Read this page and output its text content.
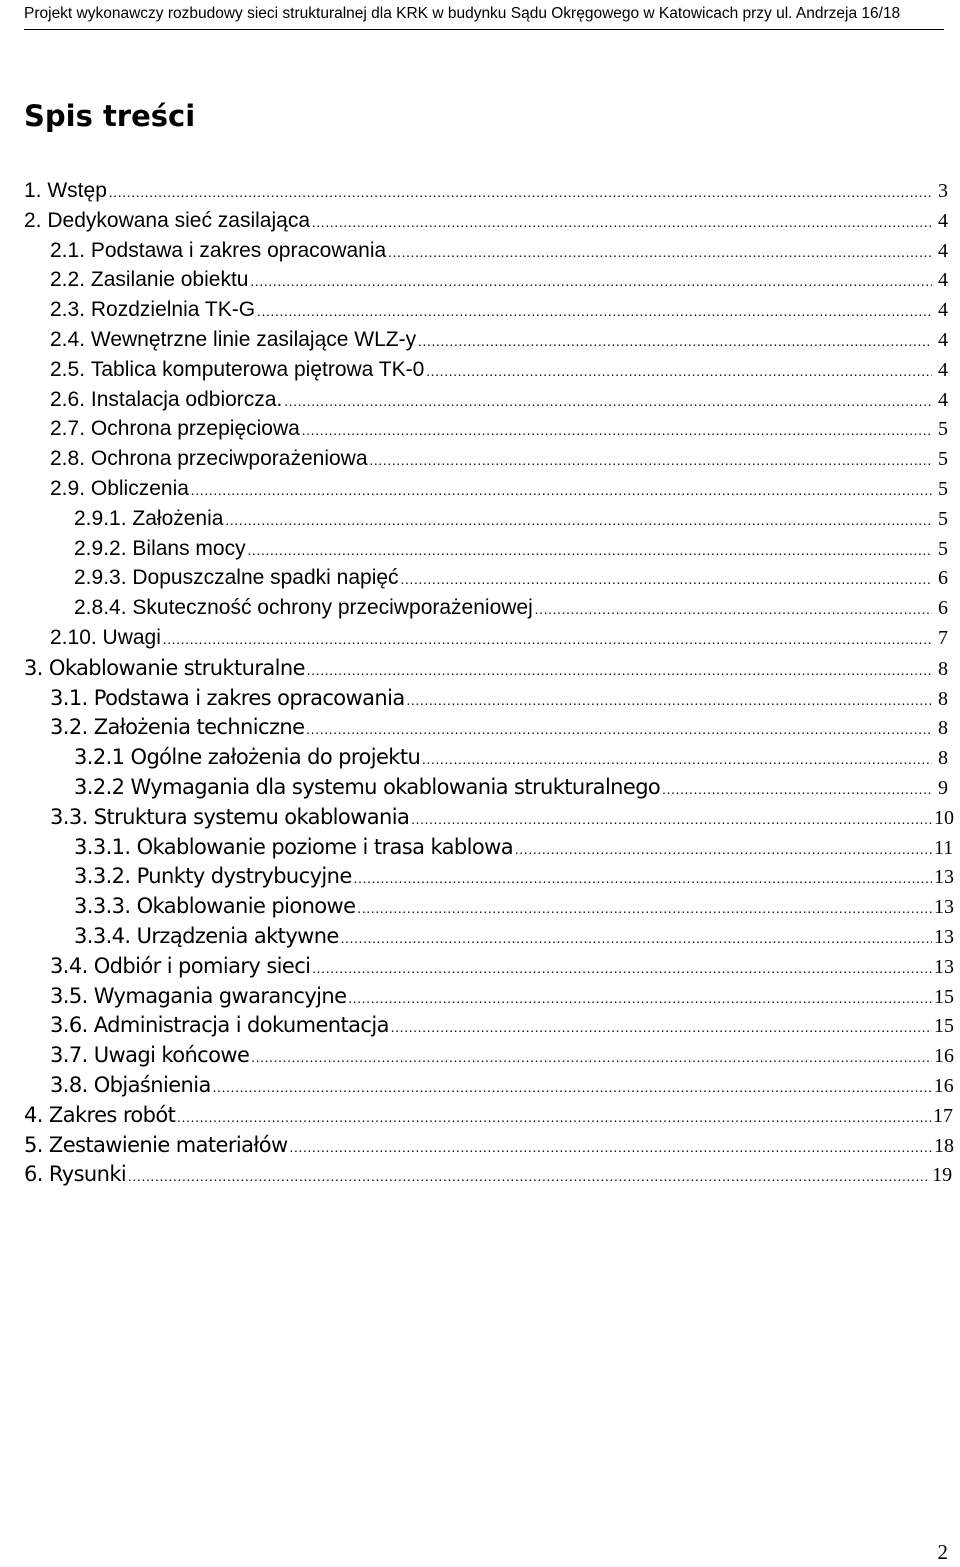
Projekt wykonawczy rozbudowy sieci strukturalnej dla KRK w budynku Sądu Okręgowego w Katowicach przy ul. Andrzeja 16/18
Spis treści
1. Wstęp .....	3
2. Dedykowana sieć zasilająca .....	4
2.1. Podstawa i zakres opracowania .....	4
2.2. Zasilanie obiektu .....	4
2.3. Rozdzielnia TK-G .....	4
2.4. Wewnętrzne linie zasilające WLZ-y .....	4
2.5. Tablica komputerowa piętrowa TK-0 .....	4
2.6. Instalacja odbiorcza. .....	4
2.7. Ochrona przepięciowa .....	5
2.8. Ochrona przeciwporażeniowa .....	5
2.9. Obliczenia .....	5
2.9.1. Założenia .....	5
2.9.2. Bilans mocy .....	5
2.9.3. Dopuszczalne spadki napięć .....	6
2.8.4. Skuteczność ochrony przeciwporażeniowej .....	6
2.10. Uwagi .....	7
3. Okablowanie strukturalne .....	8
3.1. Podstawa i zakres opracowania .....	8
3.2. Założenia techniczne .....	8
3.2.1 Ogólne założenia do projektu .....	8
3.2.2 Wymagania dla systemu okablowania strukturalnego .....	9
3.3. Struktura systemu okablowania .....	10
3.3.1. Okablowanie poziome i trasa kablowa .....	11
3.3.2. Punkty dystrybucyjne .....	13
3.3.3. Okablowanie pionowe .....	13
3.3.4. Urządzenia aktywne .....	13
3.4. Odbiór i pomiary sieci .....	13
3.5. Wymagania gwarancyjne .....	15
3.6. Administracja i dokumentacja .....	15
3.7. Uwagi końcowe .....	16
3.8. Objaśnienia .....	16
4. Zakres robót .....	17
5. Zestawienie materiałów .....	18
6. Rysunki .....	19
2
